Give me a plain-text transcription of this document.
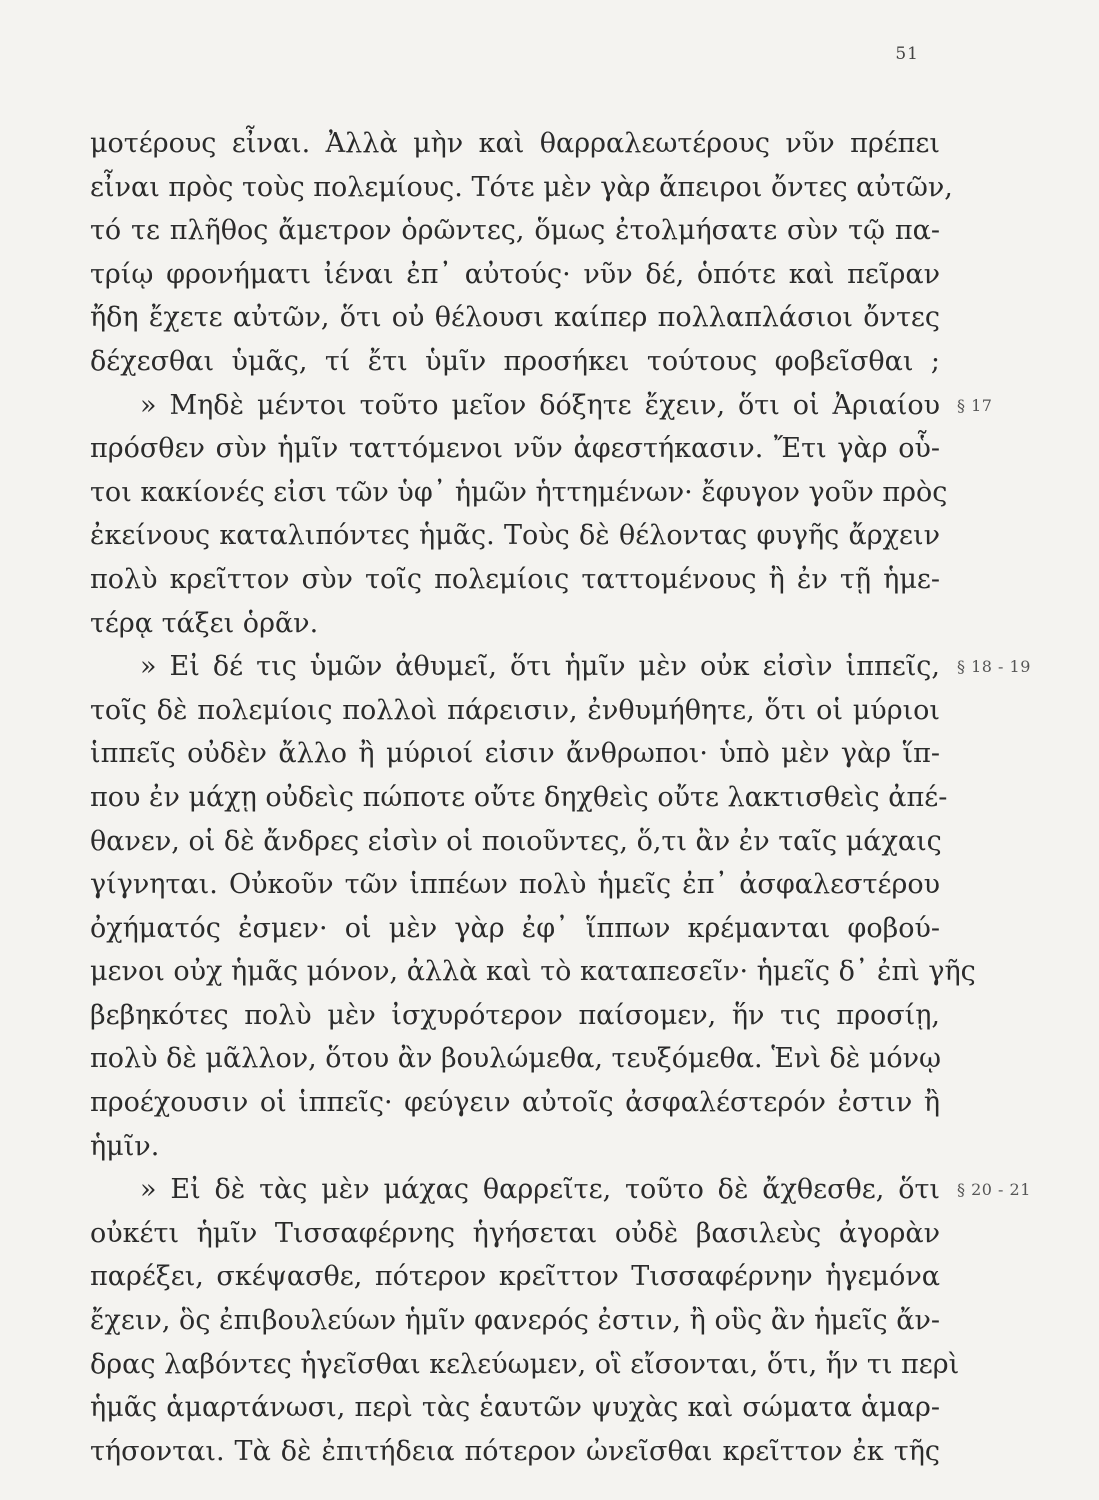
51
μοτέρους εἶναι. Ἀλλὰ μὴν καὶ θαρραλεωτέρους νῦν πρέπει
εἶναι πρὸς τοὺς πολεμίους. Τότε μὲν γὰρ ἄπειροι ὄντες αὐτῶν,
τό τε πλῆθος ἄμετρον ὁρῶντες, ὅμως ἐτολμήσατε σὺν τῷ πα-
τρίῳ φρονήματι ἰέναι ἐπ᾽ αὐτούς· νῦν δέ, ὁπότε καὶ πεῖραν
ἤδη ἔχετε αὐτῶν, ὅτι οὐ θέλουσι καίπερ πολλαπλάσιοι ὄντες
δέχεσθαι ὑμᾶς, τί ἔτι ὑμῖν προσήκει τούτους φοβεῖσθαι ;
» Μηδὲ μέντοι τοῦτο μεῖον δόξητε ἔχειν, ὅτι οἱ Ἀριαίου
πρόσθεν σὺν ἡμῖν ταττόμενοι νῦν ἀφεστήκασιν. Ἔτι γὰρ οὗ-
τοι κακίονές εἰσι τῶν ὑφ᾽ ἡμῶν ἡττημένων· ἔφυγον γοῦν πρὸς
ἐκείνους καταλιπόντες ἡμᾶς. Τοὺς δὲ θέλοντας φυγῆς ἄρχειν
πολὺ κρεῖττον σὺν τοῖς πολεμίοις ταττομένους ἢ ἐν τῇ ἡμε-
τέρᾳ τάξει ὁρᾶν.
» Εἰ δέ τις ὑμῶν ἀθυμεῖ, ὅτι ἡμῖν μὲν οὐκ εἰσὶν ἱππεῖς,
τοῖς δὲ πολεμίοις πολλοὶ πάρεισιν, ἐνθυμήθητε, ὅτι οἱ μύριοι
ἱππεῖς οὐδὲν ἄλλο ἢ μύριοί εἰσιν ἄνθρωποι· ὑπὸ μὲν γὰρ ἵπ-
που ἐν μάχῃ οὐδεὶς πώποτε οὔτε δηχθεὶς οὔτε λακτισθεὶς ἀπέ-
θανεν, οἱ δὲ ἄνδρες εἰσὶν οἱ ποιοῦντες, ὅ,τι ἂν ἐν ταῖς μάχαις
γίγνηται. Οὐκοῦν τῶν ἱππέων πολὺ ἡμεῖς ἐπ᾽ ἀσφαλεστέρου
ὀχήματός ἐσμεν· οἱ μὲν γὰρ ἐφ᾽ ἵππων κρέμανται φοβού-
μενοι οὐχ ἡμᾶς μόνον, ἀλλὰ καὶ τὸ καταπεσεῖν· ἡμεῖς δ᾽ ἐπὶ γῆς
βεβηκότες πολὺ μὲν ἰσχυρότερον παίσομεν, ἥν τις προσίῃ,
πολὺ δὲ μᾶλλον, ὅτου ἂν βουλώμεθα, τευξόμεθα. Ἑνὶ δὲ μόνῳ
προέχουσιν οἱ ἱππεῖς· φεύγειν αὐτοῖς ἀσφαλέστερόν ἐστιν ἢ
ἡμῖν.
» Εἰ δὲ τὰς μὲν μάχας θαρρεῖτε, τοῦτο δὲ ἄχθεσθε, ὅτι
οὐκέτι ἡμῖν Τισσαφέρνης ἡγήσεται οὐδὲ βασιλεὺς ἀγορὰν
παρέξει, σκέψασθε, πότερον κρεῖττον Τισσαφέρνην ἡγεμόνα
ἔχειν, ὃς ἐπιβουλεύων ἡμῖν φανερός ἐστιν, ἢ οὓς ἂν ἡμεῖς ἄν-
δρας λαβόντες ἡγεῖσθαι κελεύωμεν, οἳ εἴσονται, ὅτι, ἥν τι περὶ
ἡμᾶς ἁμαρτάνωσι, περὶ τὰς ἑαυτῶν ψυχὰς καὶ σώματα ἁμαρ-
τήσονται. Τὰ δὲ ἐπιτήδεια πότερον ὠνεῖσθαι κρεῖττον ἐκ τῆς
§ 17
§ 18 - 19
§ 20 - 21
